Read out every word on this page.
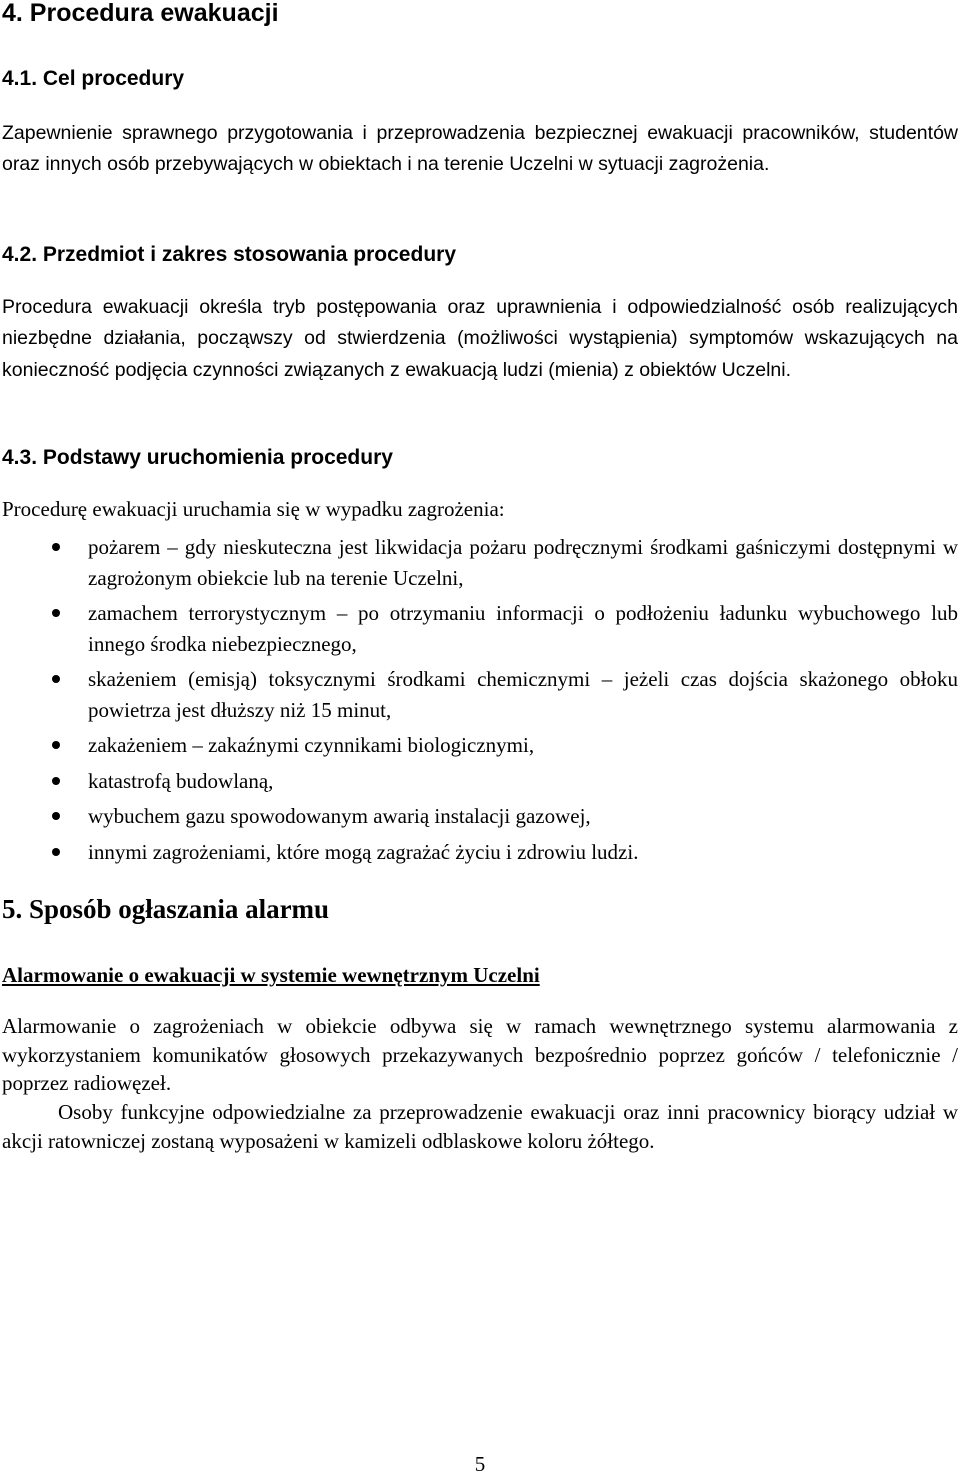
4. Procedura ewakuacji
4.1. Cel procedury

Zapewnienie sprawnego przygotowania i przeprowadzenia bezpiecznej ewakuacji pracowników, studentów oraz innych osób przebywających w obiektach i na terenie Uczelni w sytuacji zagrożenia.

4.2. Przedmiot i zakres stosowania procedury

Procedura ewakuacji określa tryb postępowania oraz uprawnienia i odpowiedzialność osób realizujących niezbędne działania, począwszy od stwierdzenia (możliwości wystąpienia) symptomów wskazujących na konieczność podjęcia czynności związanych z ewakuacją ludzi (mienia) z obiektów Uczelni.

4.3. Podstawy uruchomienia procedury

Procedurę ewakuacji uruchamia się w wypadku zagrożenia:

pożarem – gdy nieskuteczna jest likwidacja pożaru podręcznymi środkami gaśniczymi dostępnymi w zagrożonym obiekcie lub na terenie Uczelni,
zamachem terrorystycznym – po otrzymaniu informacji o podłożeniu ładunku wybuchowego lub innego środka niebezpiecznego,
skażeniem (emisją) toksycznymi środkami chemicznymi – jeżeli czas dojścia skażonego obłoku powietrza jest dłuższy niż 15 minut,
zakażeniem – zakaźnymi czynnikami biologicznymi,
katastrofą budowlaną,
wybuchem gazu spowodowanym awarią instalacji gazowej,
innymi zagrożeniami, które mogą zagrażać życiu i zdrowiu ludzi.
5. Sposób ogłaszania alarmu
Alarmowanie o ewakuacji w systemie wewnętrznym Uczelni

Alarmowanie o zagrożeniach w obiekcie odbywa się w ramach wewnętrznego systemu alarmowania z wykorzystaniem komunikatów głosowych przekazywanych bezpośrednio poprzez gońców / telefonicznie / poprzez radiowęzeł.

Osoby funkcyjne odpowiedzialne za przeprowadzenie ewakuacji oraz inni pracownicy biorący udział w akcji ratowniczej zostaną wyposażeni w kamizeli odblaskowe koloru żółtego.

5
